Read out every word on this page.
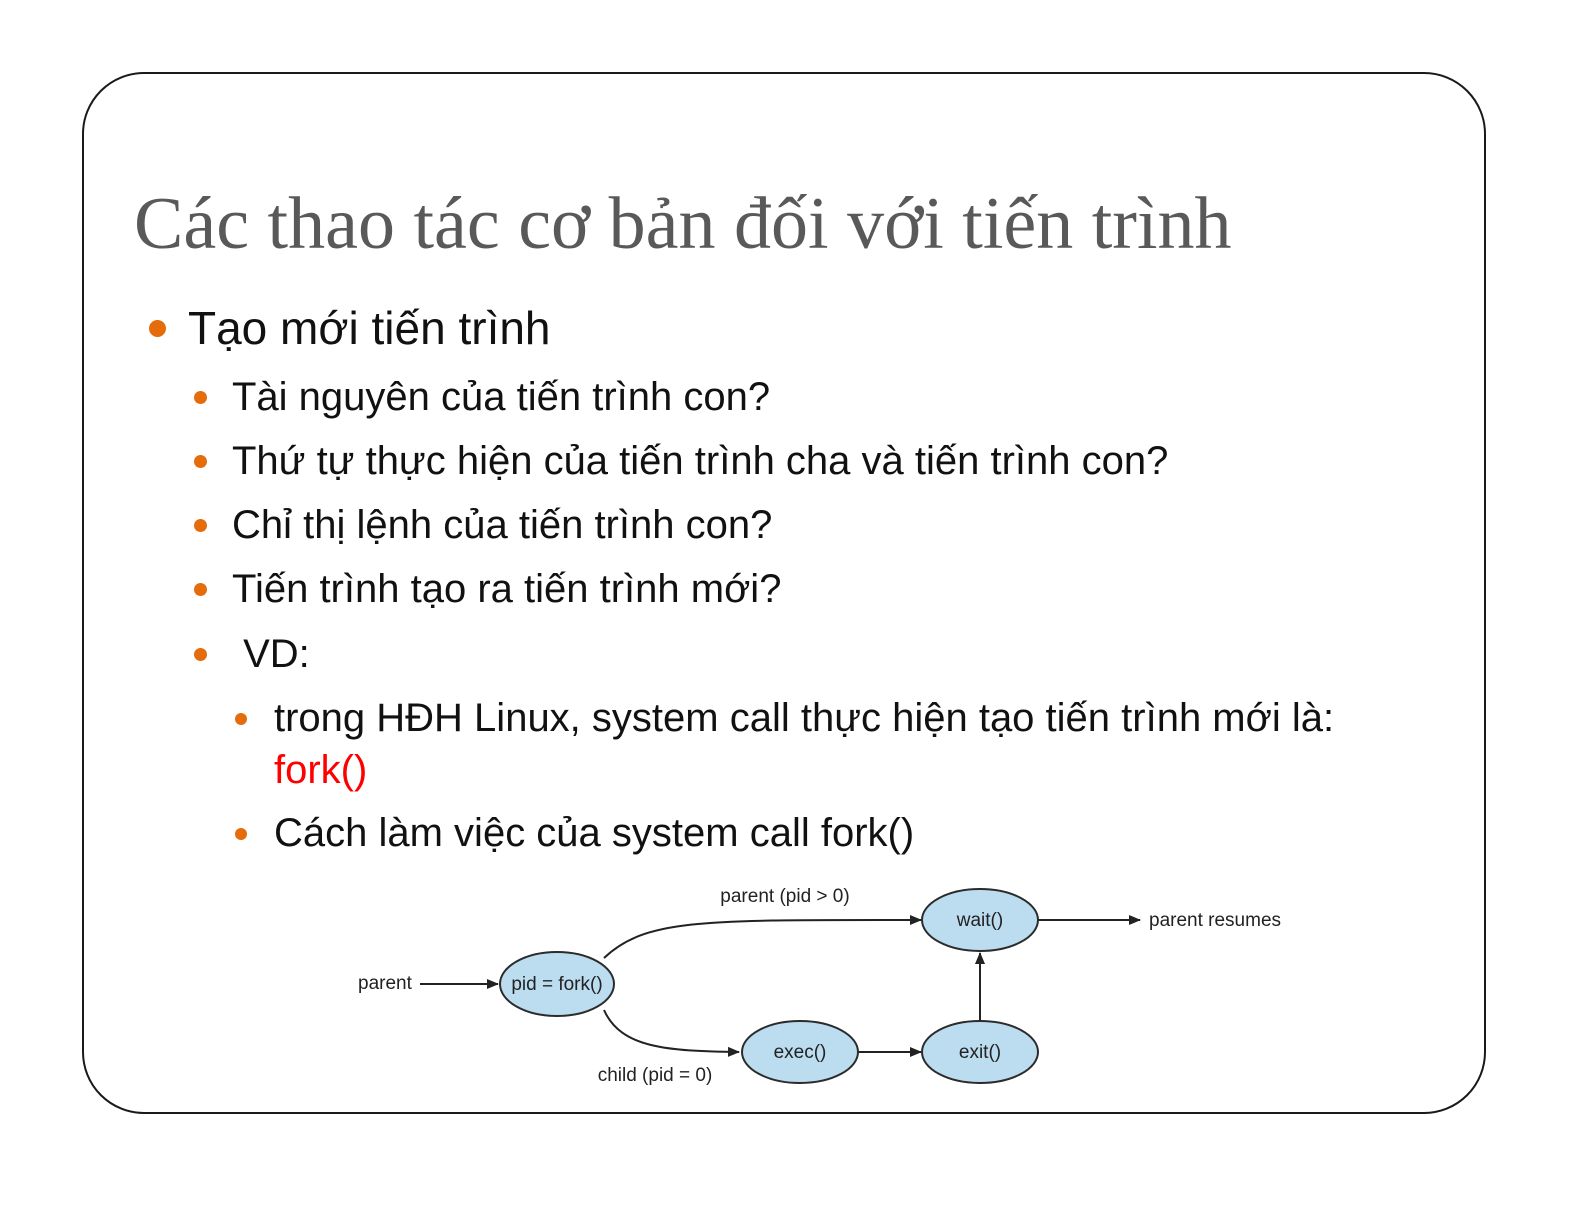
Các thao tác cơ bản đối với tiến trình
Tạo mới tiến trình
Tài nguyên của tiến trình con?
Thứ tự thực hiện của tiến trình cha và tiến trình con?
Chỉ thị lệnh của tiến trình con?
Tiến trình tạo ra tiến trình mới?
VD:
trong HĐH Linux, system call thực hiện tạo tiến trình mới là:
fork()
Cách làm việc của system call fork()
pid = fork()
wait()
exec()	exit()
parent
parent (pid > 0)
child (pid = 0)
parent resumes
